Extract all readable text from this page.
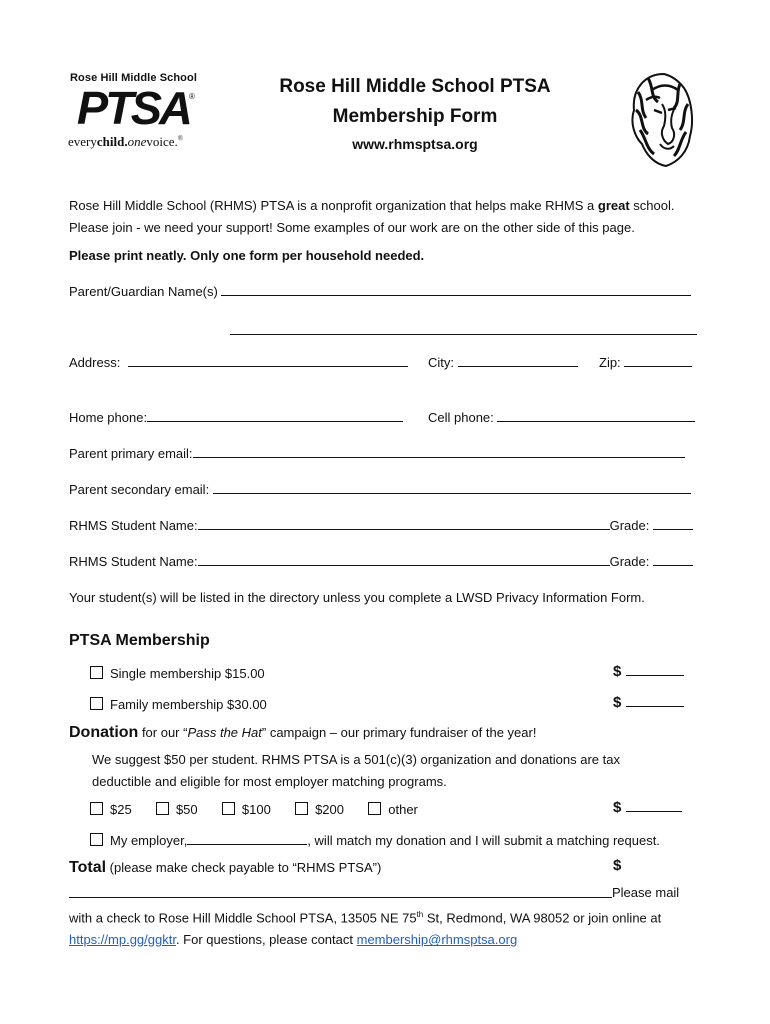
Rose Hill Middle School
PTSA ®
everychild.onevoice.®
Rose Hill Middle School PTSA
Membership Form
www.rhmsptsa.org
Rose Hill Middle School (RHMS) PTSA is a nonprofit organization that helps make RHMS a great school.
Please join - we need your support! Some examples of our work are on the other side of this page.
Please print neatly. Only one form per household needed.
Parent/Guardian Name(s)
Address:	City:	Zip:
Home phone:	Cell phone:
Parent primary email:
Parent secondary email:
RHMS Student Name:	Grade:
RHMS Student Name:	Grade:
Your student(s) will be listed in the directory unless you complete a LWSD Privacy Information Form.
PTSA Membership
Single membership $15.00	$
Family membership $30.00	$
Donation for our “Pass the Hat” campaign – our primary fundraiser of the year!
We suggest $50 per student. RHMS PTSA is a 501(c)(3) organization and donations are tax
deductible and eligible for most employer matching programs.
$25	$50	$100	$200	other	$
My employer,	, will match my donation and I will submit a matching request.
Total (please make check payable to “RHMS PTSA”)	$
Please mail
with a check to Rose Hill Middle School PTSA, 13505 NE 75th St, Redmond, WA 98052 or join online at
https://mp.gg/ggktr. For questions, please contact membership@rhmsptsa.org
